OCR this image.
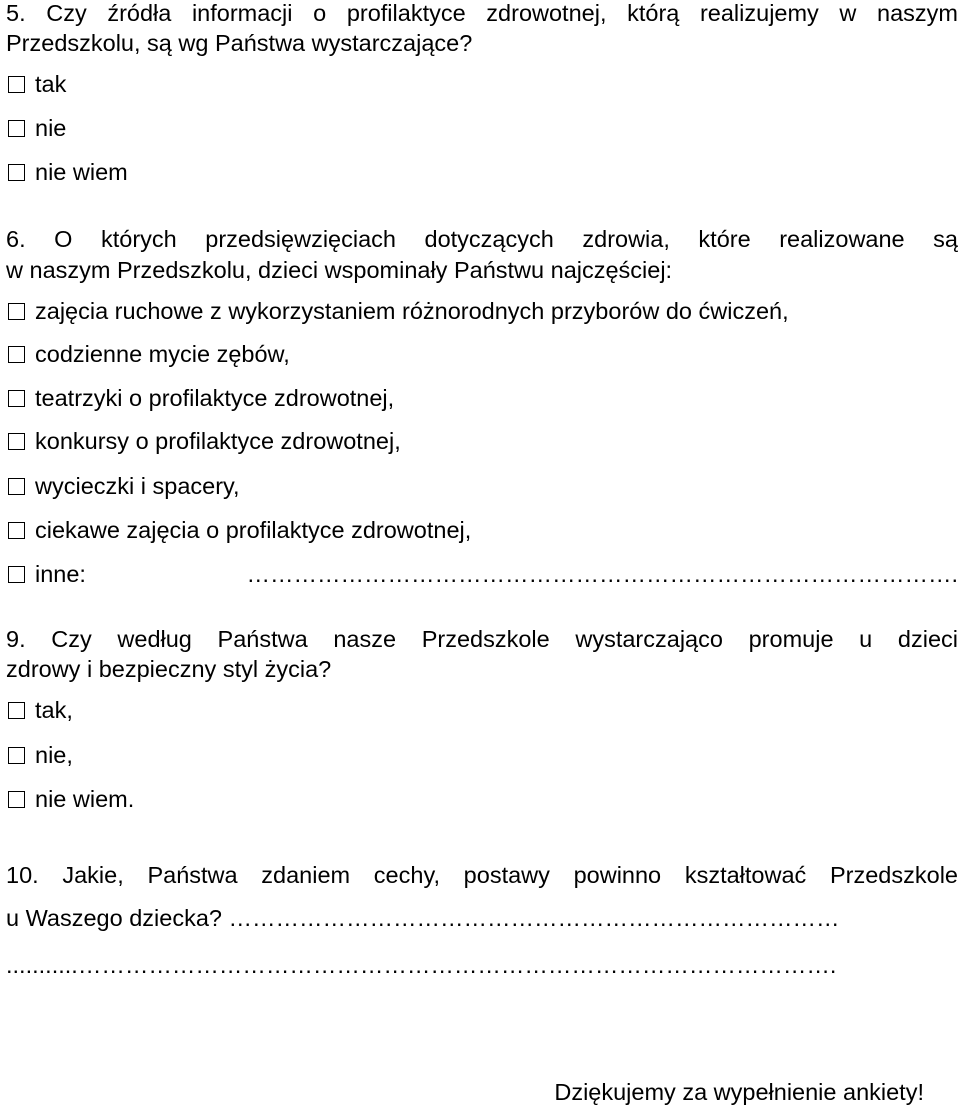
5. Czy źródła informacji o profilaktyce zdrowotnej, którą realizujemy w naszym
Przedszkolu, są wg Państwa wystarczające?
tak
nie
nie wiem
6. O których przedsięwzięciach dotyczących zdrowia, które realizowane są
w naszym Przedszkolu, dzieci wspominały Państwu najczęściej:
zajęcia ruchowe z wykorzystaniem różnorodnych przyborów do ćwiczeń,
codzienne mycie zębów,
teatrzyki o profilaktyce zdrowotnej,
konkursy o profilaktyce zdrowotnej,
wycieczki i spacery,
ciekawe zajęcia o profilaktyce zdrowotnej,
inne: ……………………………………………………………………………….
9. Czy według Państwa nasze Przedszkole wystarczająco promuje u dzieci
zdrowy i bezpieczny styl życia?
tak,
nie,
nie wiem.
10. Jakie, Państwa zdaniem cechy, postawy powinno kształtować Przedszkole
u Waszego dziecka? ……………………………………………………………………
...........…………………………………………………………………………………….
Dziękujemy za wypełnienie ankiety!
